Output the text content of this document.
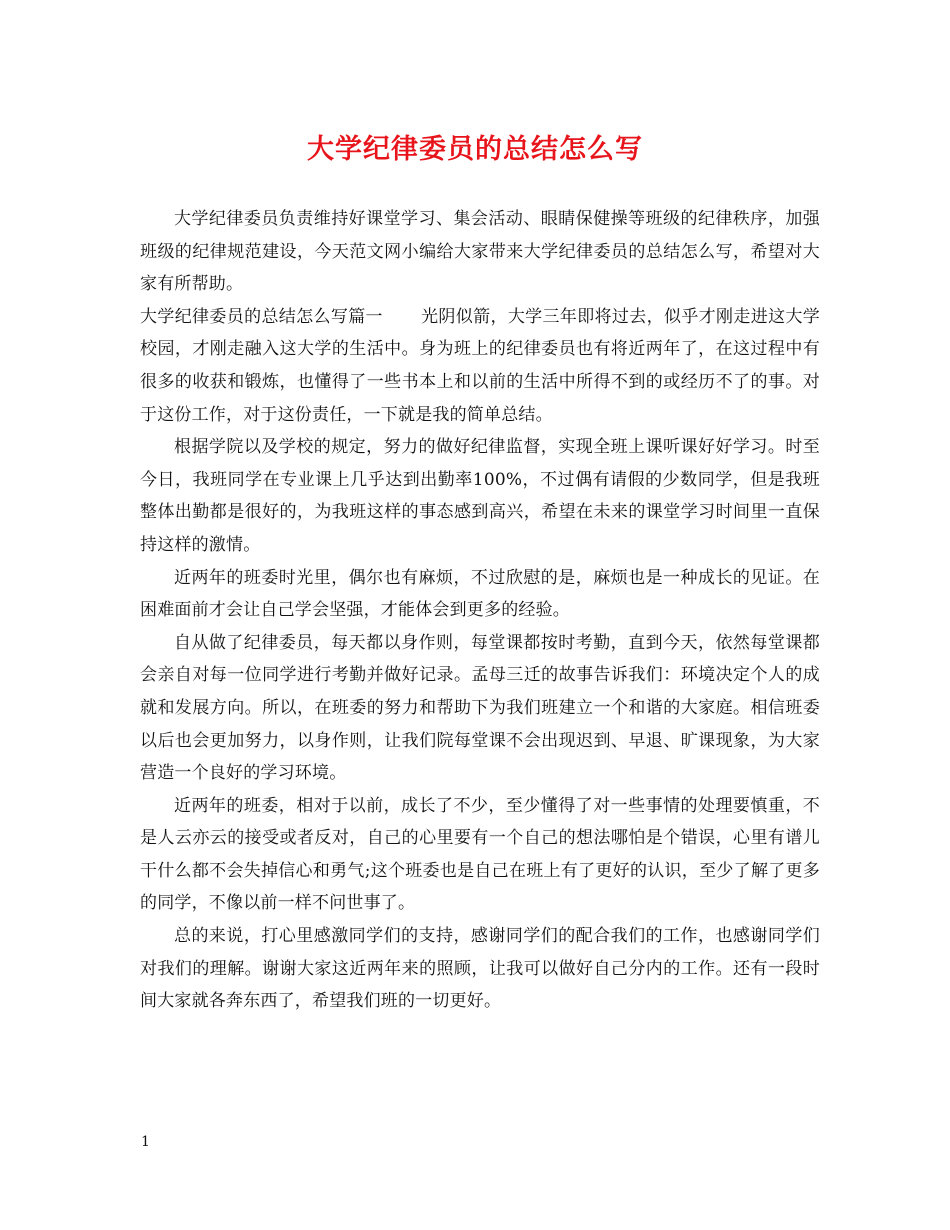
大学纪律委员的总结怎么写

大学纪律委员负责维持好课堂学习、集会活动、眼睛保健操等班级的纪律秩序，加强班级的纪律规范建设，今天范文网小编给大家带来大学纪律委员的总结怎么写，希望对大家有所帮助。

大学纪律委员的总结怎么写篇一 光阴似箭，大学三年即将过去，似乎才刚走进这大学校园，才刚走融入这大学的生活中。身为班上的纪律委员也有将近两年了，在这过程中有很多的收获和锻炼，也懂得了一些书本上和以前的生活中所得不到的或经历不了的事。对于这份工作，对于这份责任，一下就是我的简单总结。

根据学院以及学校的规定，努力的做好纪律监督，实现全班上课听课好好学习。时至今日，我班同学在专业课上几乎达到出勤率100%，不过偶有请假的少数同学，但是我班整体出勤都是很好的，为我班这样的事态感到高兴，希望在未来的课堂学习时间里一直保持这样的激情。

近两年的班委时光里，偶尔也有麻烦，不过欣慰的是，麻烦也是一种成长的见证。在困难面前才会让自己学会坚强，才能体会到更多的经验。

自从做了纪律委员，每天都以身作则，每堂课都按时考勤，直到今天，依然每堂课都会亲自对每一位同学进行考勤并做好记录。孟母三迁的故事告诉我们：环境决定个人的成就和发展方向。所以，在班委的努力和帮助下为我们班建立一个和谐的大家庭。相信班委以后也会更加努力，以身作则，让我们院每堂课不会出现迟到、早退、旷课现象，为大家营造一个良好的学习环境。

近两年的班委，相对于以前，成长了不少，至少懂得了对一些事情的处理要慎重，不是人云亦云的接受或者反对，自己的心里要有一个自己的想法哪怕是个错误，心里有谱儿干什么都不会失掉信心和勇气;这个班委也是自己在班上有了更好的认识，至少了解了更多的同学，不像以前一样不问世事了。

总的来说，打心里感激同学们的支持，感谢同学们的配合我们的工作，也感谢同学们对我们的理解。谢谢大家这近两年来的照顾，让我可以做好自己分内的工作。还有一段时间大家就各奔东西了，希望我们班的一切更好。

1
